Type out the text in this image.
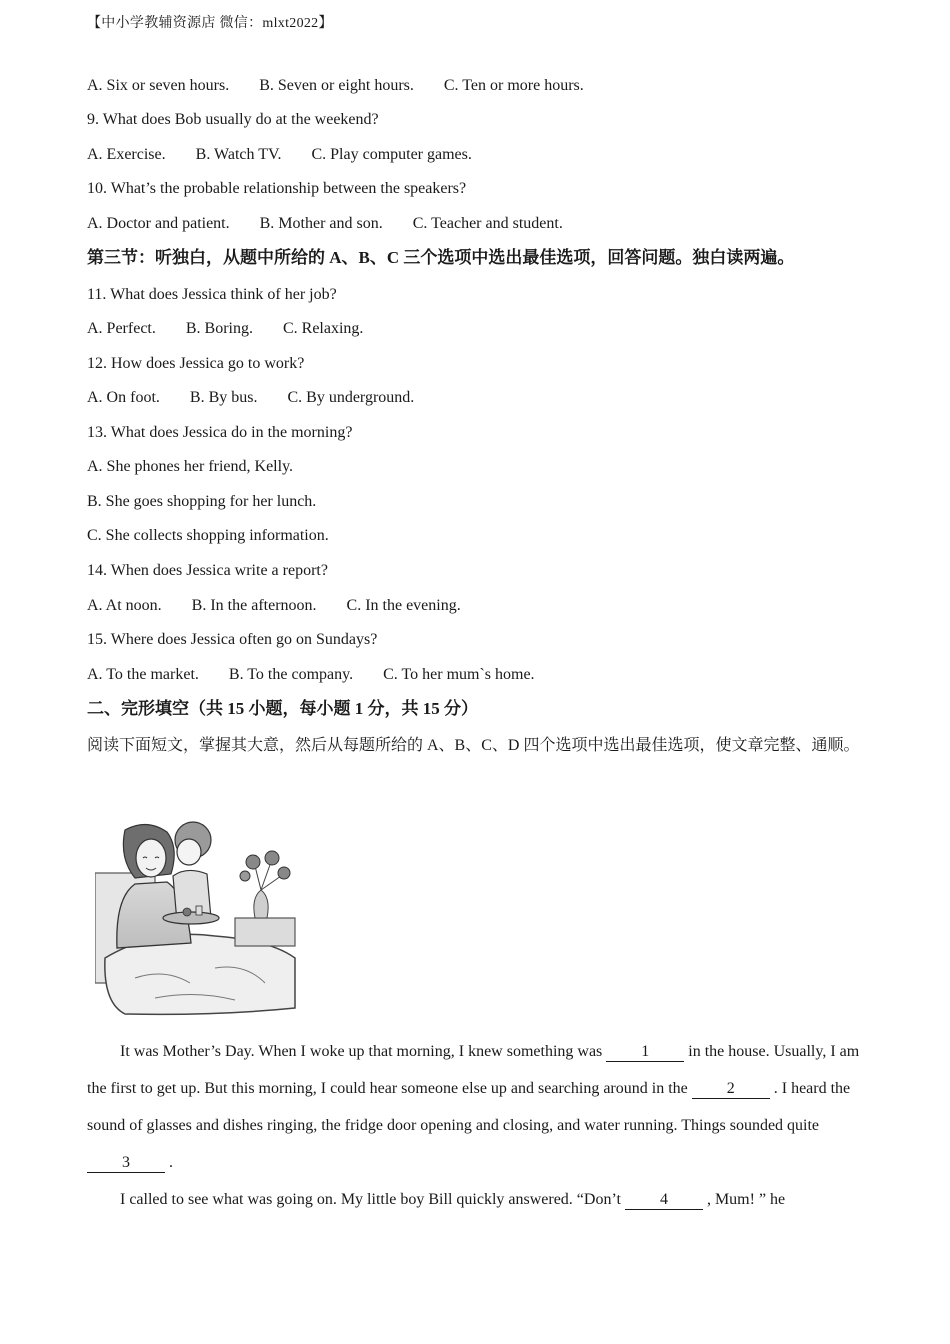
【中小学教辅资源店 微信：mlxt2022】
A. Six or seven hours. B. Seven or eight hours. C. Ten or more hours.
9. What does Bob usually do at the weekend?
A. Exercise. B. Watch TV. C. Play computer games.
10. What’s the probable relationship between the speakers?
A. Doctor and patient. B. Mother and son. C. Teacher and student.
第三节：听独白，从题中所给的 A、B、C 三个选项中选出最佳选项，回答问题。独白读两遍。
11. What does Jessica think of her job?
A. Perfect. B. Boring. C. Relaxing.
12. How does Jessica go to work?
A. On foot. B. By bus. C. By underground.
13. What does Jessica do in the morning?
A. She phones her friend, Kelly.
B. She goes shopping for her lunch.
C. She collects shopping information.
14. When does Jessica write a report?
A. At noon. B. In the afternoon. C. In the evening.
15. Where does Jessica often go on Sundays?
A. To the market. B. To the company. C. To her mum`s home.
二、完形填空（共 15 小题，每小题 1 分，共 15 分）
阅读下面短文，掌握其大意，然后从每题所给的 A、B、C、D 四个选项中选出最佳选项，使文章完整、通顺。

It was Mother’s Day. When I woke up that morning, I knew something was 1 in the house. Usually, I am the first to get up. But this morning, I could hear someone else up and searching around in the 2 . I heard the sound of glasses and dishes ringing, the fridge door opening and closing, and water running. Things sounded quite 3 .

I called to see what was going on. My little boy Bill quickly answered. “Don’t 4 , Mum! ” he
